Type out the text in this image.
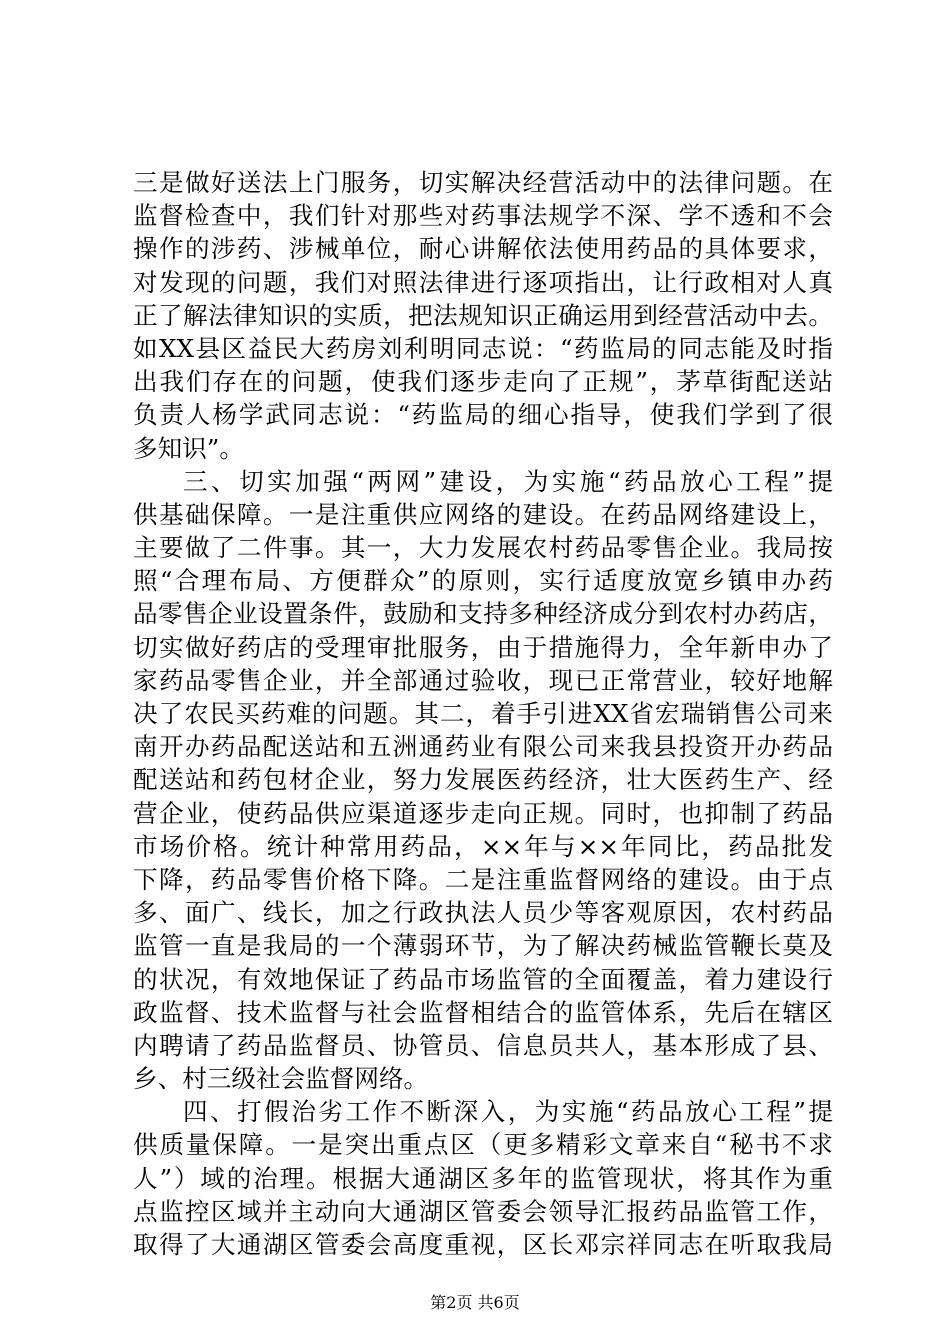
三是做好送法上门服务，切实解决经营活动中的法律问题。在
监督检查中，我们针对那些对药事法规学不深、学不透和不会
操作的涉药、涉械单位，耐心讲解依法使用药品的具体要求，
对发现的问题，我们对照法律进行逐项指出，让行政相对人真
正了解法律知识的实质，把法规知识正确运用到经营活动中去。
如XX县区益民大药房刘利明同志说：“药监局的同志能及时指
出我们存在的问题，使我们逐步走向了正规”，茅草街配送站
负责人杨学武同志说：“药监局的细心指导，使我们学到了很
多知识”。
三、切实加强“两网”建设，为实施“药品放心工程”提
供基础保障。一是注重供应网络的建设。在药品网络建设上，
主要做了二件事。其一，大力发展农村药品零售企业。我局按
照“合理布局、方便群众”的原则，实行适度放宽乡镇申办药
品零售企业设置条件，鼓励和支持多种经济成分到农村办药店，
切实做好药店的受理审批服务，由于措施得力，全年新申办了
家药品零售企业，并全部通过验收，现已正常营业，较好地解
决了农民买药难的问题。其二，着手引进XX省宏瑞销售公司来
南开办药品配送站和五洲通药业有限公司来我县投资开办药品
配送站和药包材企业，努力发展医药经济，壮大医药生产、经
营企业，使药品供应渠道逐步走向正规。同时，也抑制了药品
市场价格。统计种常用药品，××年与××年同比，药品批发
下降，药品零售价格下降。二是注重监督网络的建设。由于点
多、面广、线长，加之行政执法人员少等客观原因，农村药品
监管一直是我局的一个薄弱环节，为了解决药械监管鞭长莫及
的状况，有效地保证了药品市场监管的全面覆盖，着力建设行
政监督、技术监督与社会监督相结合的监管体系，先后在辖区
内聘请了药品监督员、协管员、信息员共人，基本形成了县、
乡、村三级社会监督网络。
四、打假治劣工作不断深入，为实施“药品放心工程”提
供质量保障。一是突出重点区（更多精彩文章来自“秘书不求
人”）域的治理。根据大通湖区多年的监管现状，将其作为重
点监控区域并主动向大通湖区管委会领导汇报药品监管工作，
取得了大通湖区管委会高度重视，区长邓宗祥同志在听取我局
第2页 共6页
